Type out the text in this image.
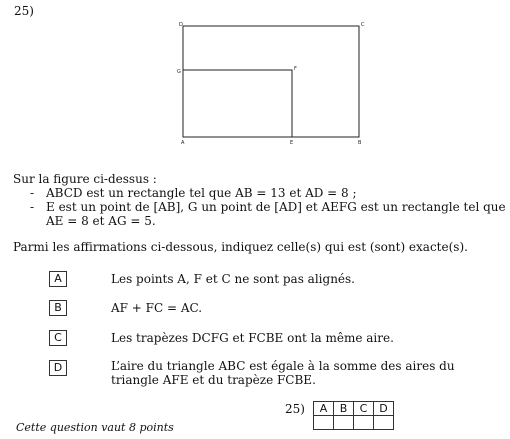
25)
D	C
G	F
A	E	B
Sur la figure ci-dessus :
- ABCD est un rectangle tel que AB = 13 et AD = 8 ;
- E est un point de [AB], G un point de [AD] et AEFG est un rectangle tel que AE = 8 et AG = 5.
Parmi les affirmations ci-dessous, indiquez celle(s) qui est (sont) exacte(s).
A	Les points A, F et C ne sont pas alignés.
B	AF + FC = AC.
C	Les trapèzes DCFG et FCBE ont la même aire.
D	L’aire du triangle ABC est égale à la somme des aires du triangle AFE et du trapèze FCBE.
25) A	B	C	D

Cette question vaut 8 points
